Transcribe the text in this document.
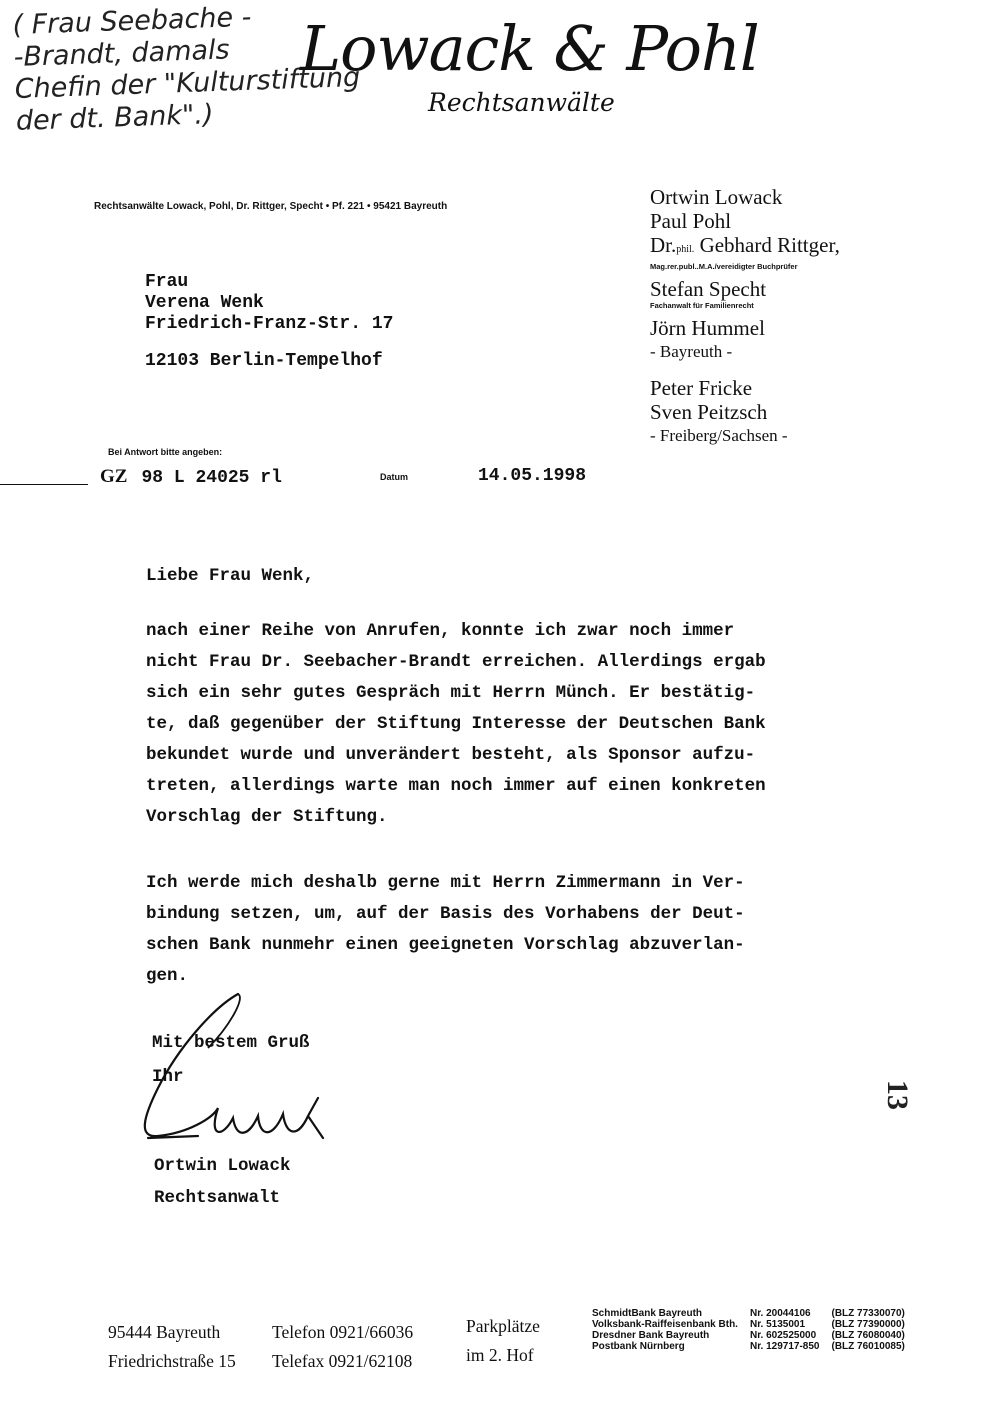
( Frau Seebache -
-Brandt, damals
Chefin der "Kulturstiftung
der dt. Bank".)
Lowack & Pohl
Rechtsanwälte
Rechtsanwälte Lowack, Pohl, Dr. Rittger, Specht • Pf. 221 • 95421 Bayreuth
Frau
Verena Wenk
Friedrich-Franz-Str. 17
12103 Berlin-Tempelhof
Ortwin Lowack
Paul Pohl
Dr.phil. Gebhard Rittger,
Mag.rer.publ..M.A./vereidigter Buchprüfer
Stefan Specht
Fachanwalt für Familienrecht
Jörn Hummel
- Bayreuth -
Peter Fricke
Sven Peitzsch
- Freiberg/Sachsen -
Bei Antwort bitte angeben:
GZ 98 L 24025 rl	Datum	14.05.1998
Liebe Frau Wenk,
nach einer Reihe von Anrufen, konnte ich zwar noch immer
nicht Frau Dr. Seebacher-Brandt erreichen. Allerdings ergab
sich ein sehr gutes Gespräch mit Herrn Münch. Er bestätig-
te, daß gegenüber der Stiftung Interesse der Deutschen Bank
bekundet wurde und unverändert besteht, als Sponsor aufzu-
treten, allerdings warte man noch immer auf einen konkreten
Vorschlag der Stiftung.
Ich werde mich deshalb gerne mit Herrn Zimmermann in Ver-
bindung setzen, um, auf der Basis des Vorhabens der Deut-
schen Bank nunmehr einen geeigneten Vorschlag abzuverlan-
gen.
Mit bestem Gruß
Ihr
Ortwin Lowack
Rechtsanwalt
95444 Bayreuth
Friedrichstraße 15
Telefon 0921/66036
Telefax 0921/62108
Parkplätze
im 2. Hof
SchmidtBank Bayreuth	Nr. 20044106	(BLZ 77330070)
Volksbank-Raiffeisenbank Bth.	Nr. 5135001	(BLZ 77390000)
Dresdner Bank Bayreuth	Nr. 602525000	(BLZ 76080040)
Postbank Nürnberg	Nr. 129717-850	(BLZ 76010085)
13
